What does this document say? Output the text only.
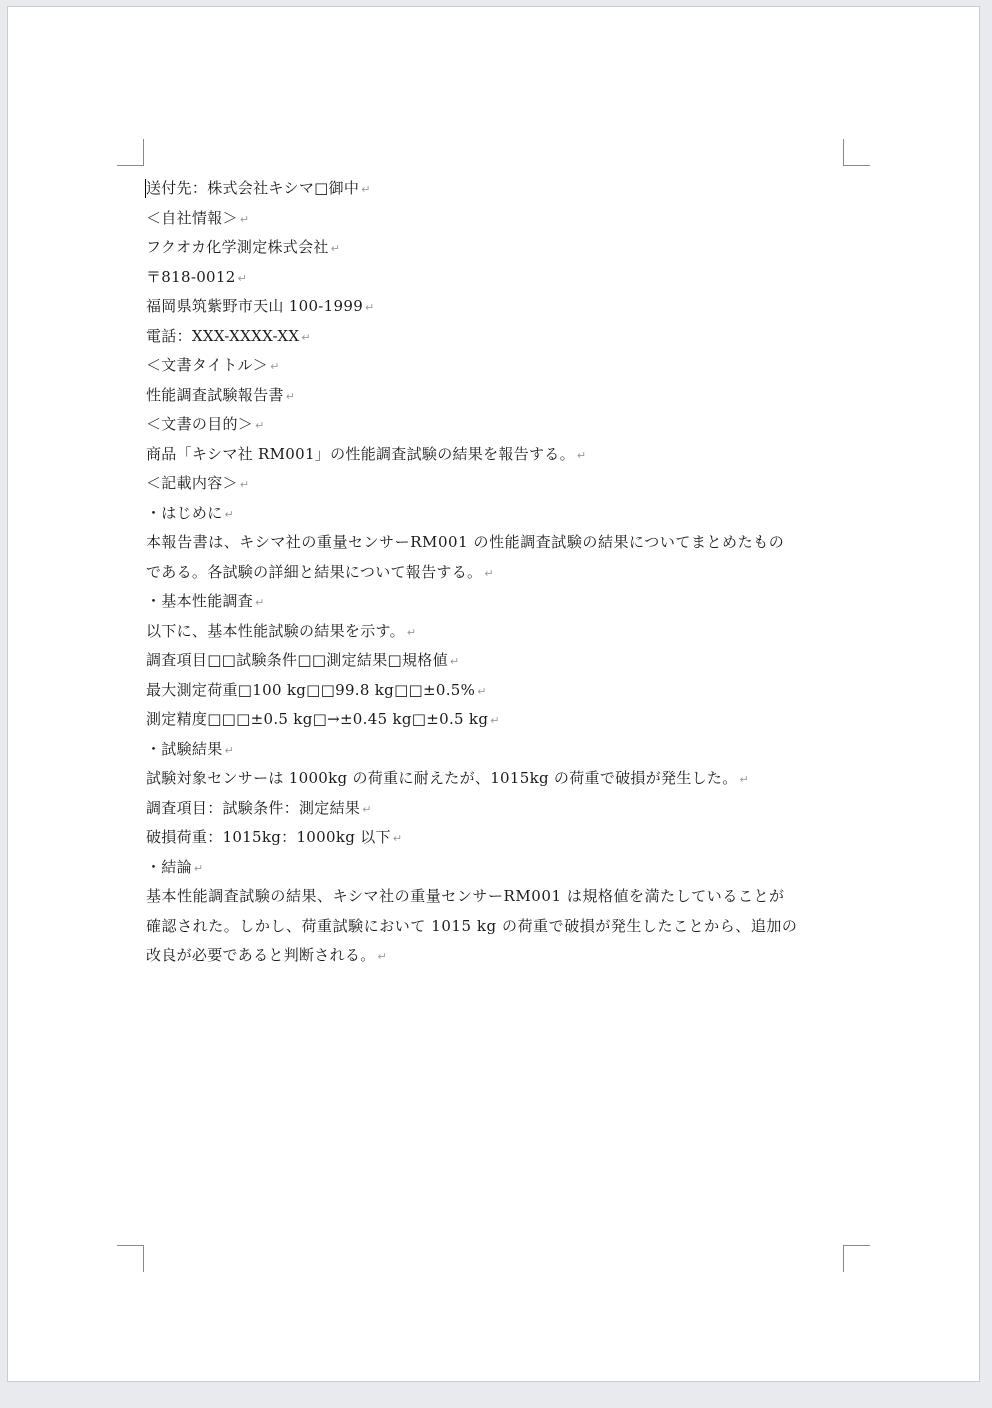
送付先：株式会社キシマ□御中 ↵
＜自社情報＞ ↵
フクオカ化学測定株式会社 ↵
〒818-0012 ↵
福岡県筑紫野市天山 100-1999 ↵
電話：XXX-XXXX-XX ↵
＜文書タイトル＞ ↵
性能調査試験報告書 ↵
＜文書の目的＞ ↵
商品「キシマ社 RM001」の性能調査試験の結果を報告する。 ↵
＜記載内容＞ ↵
・はじめに ↵
本報告書は、キシマ社の重量センサーRM001 の性能調査試験の結果についてまとめたもの
である。各試験の詳細と結果について報告する。 ↵
・基本性能調査 ↵
以下に、基本性能試験の結果を示す。 ↵
調査項目□□試験条件□□測定結果□規格値 ↵
最大測定荷重□100 kg□□99.8 kg□□±0.5% ↵
測定精度□□□±0.5 kg□→±0.45 kg□±0.5 kg ↵
・試験結果 ↵
試験対象センサーは 1000kg の荷重に耐えたが、1015kg の荷重で破損が発生した。 ↵
調査項目：試験条件：測定結果 ↵
破損荷重：1015kg：1000kg 以下 ↵
・結論 ↵
基本性能調査試験の結果、キシマ社の重量センサーRM001 は規格値を満たしていることが
確認された。しかし、荷重試験において 1015 kg の荷重で破損が発生したことから、追加の
改良が必要であると判断される。 ↵
